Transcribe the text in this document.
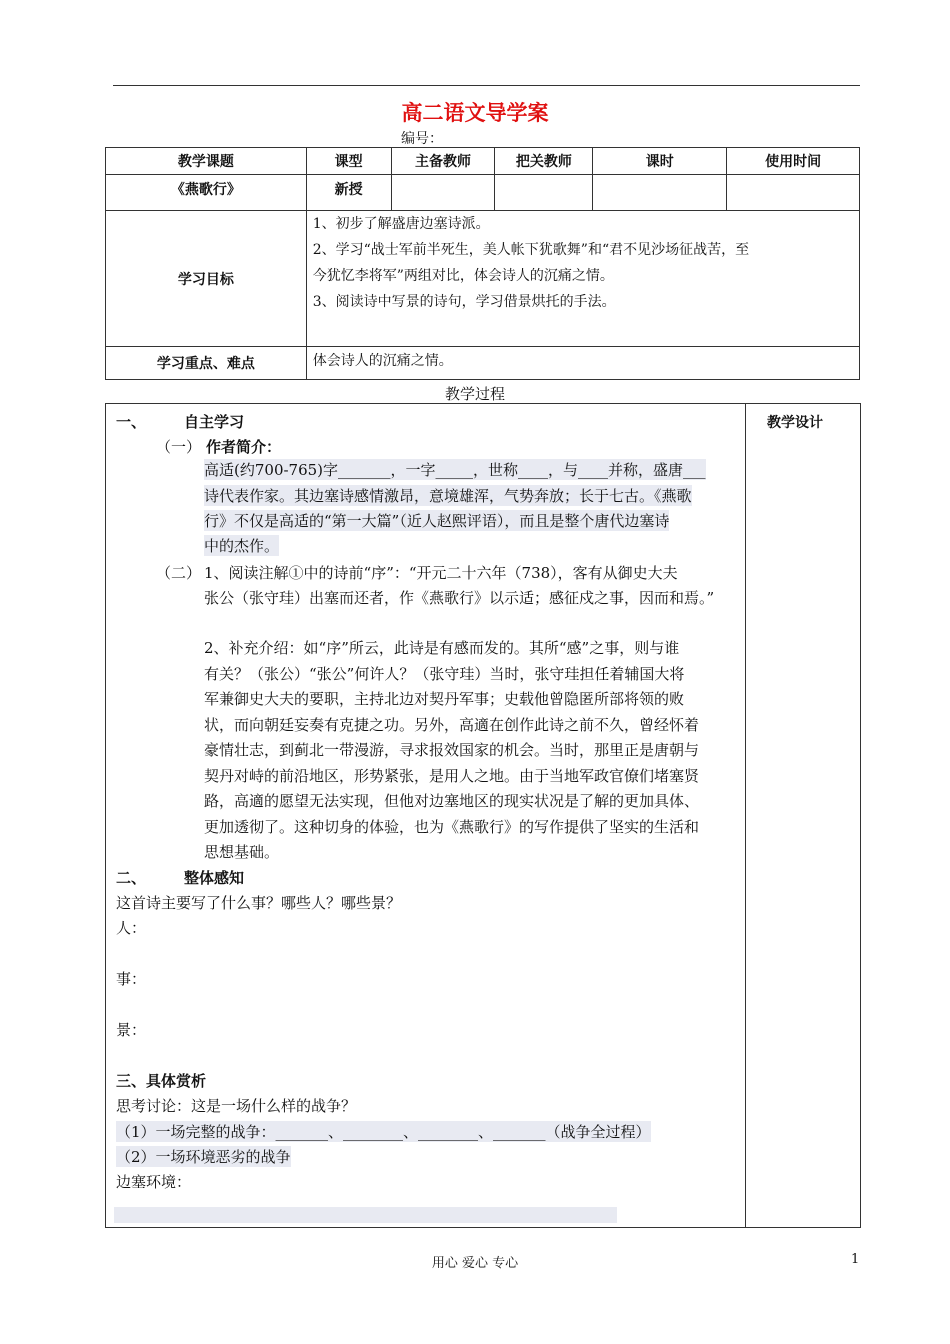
高二语文导学案
编号：
教学课题	课型	主备教师	把关教师	课时	使用时间
《燕歌行》	新授				
学习目标	1、初步了解盛唐边塞诗派。
2、学习“战士军前半死生，美人帐下犹歌舞”和“君不见沙场征战苦，至
今犹忆李将军”两组对比，体会诗人的沉痛之情。
3、阅读诗中写景的诗句，学习借景烘托的手法。				

学习重点、难点	体会诗人的沉痛之情。				
教学过程
教学设计
一、	自主学习
（一） 作者简介：
高适(约700-765)字_______，一字_____，世称____，与____并称，盛唐___
诗代表作家。其边塞诗感情激昂，意境雄浑，气势奔放；长于七古。《燕歌
行》不仅是高适的“第一大篇”（近人赵熙评语），而且是整个唐代边塞诗
中的杰作。
（二） 1、阅读注解①中的诗前“序”：“开元二十六年（738），客有从御史大夫
张公（张守珪）出塞而还者，作《燕歌行》以示适；感征戍之事，因而和焉。”
2、补充介绍：如“序”所云，此诗是有感而发的。其所“感”之事，则与谁
有关？（张公）“张公”何许人？（张守珪）当时，张守珪担任着辅国大将
军兼御史大夫的要职，主持北边对契丹军事；史载他曾隐匿所部将领的败
状，而向朝廷妄奏有克捷之功。另外，高適在创作此诗之前不久，曾经怀着
豪情壮志，到蓟北一带漫游，寻求报效国家的机会。当时，那里正是唐朝与
契丹对峙的前沿地区，形势紧张，是用人之地。由于当地军政官僚们堵塞贤
路，高適的愿望无法实现，但他对边塞地区的现实状况是了解的更加具体、
更加透彻了。这种切身的体验，也为《燕歌行》的写作提供了坚实的生活和
思想基础。
二、	整体感知
这首诗主要写了什么事？哪些人？哪些景？
人：
事：
景：
三、具体赏析
思考讨论：这是一场什么样的战争？
（1）一场完整的战争：_______、________、________、_______（战争全过程）
（2）一场环境恶劣的战争
边塞环境：
用心 爱心 专心	1
